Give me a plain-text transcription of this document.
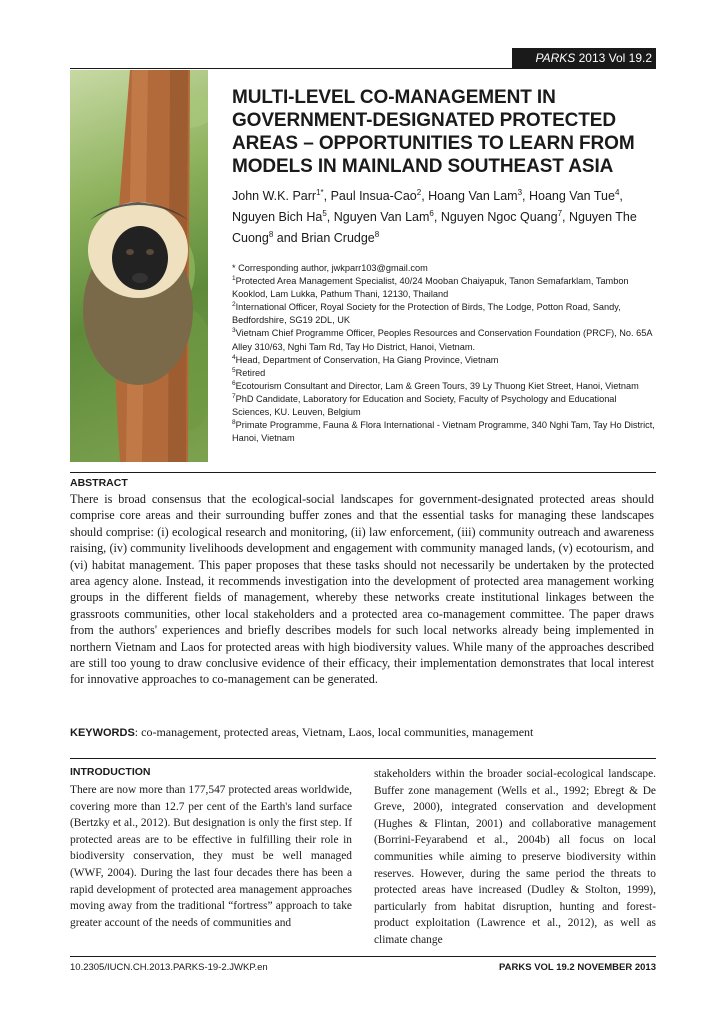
PARKS 2013 Vol 19.2
MULTI-LEVEL CO-MANAGEMENT IN GOVERNMENT-DESIGNATED PROTECTED AREAS – OPPORTUNITIES TO LEARN FROM MODELS IN MAINLAND SOUTHEAST ASIA

John W.K. Parr$^{1*}$, Paul Insua-Cao$^2$, Hoang Van Lam$^3$, Hoang Van Tue$^4$, Nguyen Bich Ha$^5$, Nguyen Van Lam$^6$, Nguyen Ngoc Quang$^7$, Nguyen The Cuong$^8$ and Brian Crudge$^8$

* Corresponding author, jwkparr103@gmail.com
$^1$Protected Area Management Specialist, 40/24 Mooban Chaiyapuk, Tanon Semafarklam, Tambon Kooklod, Lam Lukka, Pathum Thani, 12130, Thailand
$^2$International Officer, Royal Society for the Protection of Birds, The Lodge, Potton Road, Sandy, Bedfordshire, SG19 2DL, UK
$^3$Vietnam Chief Programme Officer, Peoples Resources and Conservation Foundation (PRCF), No. 65A Alley 310/63, Nghi Tam Rd, Tay Ho District, Hanoi, Vietnam.
$^4$Head, Department of Conservation, Ha Giang Province, Vietnam
$^5$Retired
$^6$Ecotourism Consultant and Director, Lam & Green Tours, 39 Ly Thuong Kiet Street, Hanoi, Vietnam
$^7$PhD Candidate, Laboratory for Education and Society, Faculty of Psychology and Educational Sciences, KU. Leuven, Belgium
$^8$Primate Programme, Fauna & Flora International - Vietnam Programme, 340 Nghi Tam, Tay Ho District, Hanoi, Vietnam
ABSTRACT

There is broad consensus that the ecological-social landscapes for government-designated protected areas should comprise core areas and their surrounding buffer zones and that the essential tasks for managing these landscapes should comprise: (i) ecological research and monitoring, (ii) law enforcement, (iii) community outreach and awareness raising, (iv) community livelihoods development and engagement with community managed lands, (v) ecotourism, and (vi) habitat management. This paper proposes that these tasks should not necessarily be undertaken by the protected area agency alone. Instead, it recommends investigation into the development of protected area management working groups in the different fields of management, whereby these networks create institutional linkages between the grassroots communities, other local stakeholders and a protected area co-management committee. The paper draws from the authors' experiences and briefly describes models for such local networks already being implemented in northern Vietnam and Laos for protected areas with high biodiversity values. While many of the approaches described are still too young to draw conclusive evidence of their efficacy, their implementation demonstrates that local interest for innovative approaches to co-management can be generated.

KEYWORDS: co-management, protected areas, Vietnam, Laos, local communities, management

INTRODUCTION

There are now more than 177,547 protected areas worldwide, covering more than 12.7 per cent of the Earth's land surface (Bertzky et al., 2012). But designation is only the first step. If protected areas are to be effective in fulfilling their role in biodiversity conservation, they must be well managed (WWF, 2004). During the last four decades there has been a rapid development of protected area management approaches moving away from the traditional “fortress” approach to take greater account of the needs of communities and

stakeholders within the broader social-ecological landscape. Buffer zone management (Wells et al., 1992; Ebregt & De Greve, 2000), integrated conservation and development (Hughes & Flintan, 2001) and collaborative management (Borrini-Feyarabend et al., 2004b) all focus on local communities while aiming to preserve biodiversity within reserves. However, during the same period the threats to protected areas have increased (Dudley & Stolton, 1999), particularly from habitat disruption, hunting and forest-product exploitation (Lawrence et al., 2012), as well as climate change

10.2305/IUCN.CH.2013.PARKS-19-2.JWKP.en	PARKS VOL 19.2 NOVEMBER 2013
